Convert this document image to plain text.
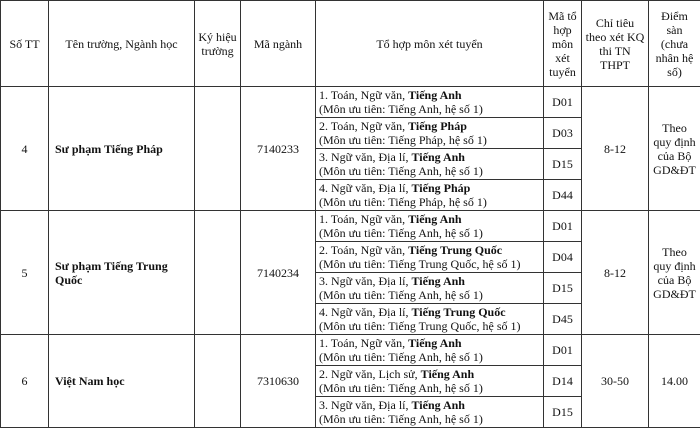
Số TT	Tên trường, Ngành học	Ký hiệu trường	Mã ngành	Tổ hợp môn xét tuyển	Mã tổ hợp môn xét tuyển	Chỉ tiêu theo xét KQ thi TN THPT	Điểm sàn (chưa nhân hệ số)
4	Sư phạm Tiếng Pháp		7140233	1. Toán, Ngữ văn, Tiếng Anh
(Môn ưu tiên: Tiếng Anh, hệ số 1)	D01	8-12	Theo quy định của Bộ GD&ĐT
				2. Toán, Ngữ văn, Tiếng Pháp
(Môn ưu tiên: Tiếng Pháp, hệ số 1)	D03		
				3. Ngữ văn, Địa lí, Tiếng Anh
(Môn ưu tiên: Tiếng Anh, hệ số 1)	D15		
				4. Ngữ văn, Địa lí, Tiếng Pháp
(Môn ưu tiên: Tiếng Pháp, hệ số 1)	D44		
5	Sư phạm Tiếng Trung Quốc		7140234	1. Toán, Ngữ văn, Tiếng Anh
(Môn ưu tiên: Tiếng Anh, hệ số 1)	D01	8-12	Theo quy định của Bộ GD&ĐT
				2. Toán, Ngữ văn, Tiếng Trung Quốc
(Môn ưu tiên: Tiếng Trung Quốc, hệ số 1)	D04		
				3. Ngữ văn, Địa lí, Tiếng Anh
(Môn ưu tiên: Tiếng Anh, hệ số 1)	D15		
				4. Ngữ văn, Địa lí, Tiếng Trung Quốc
(Môn ưu tiên: Tiếng Trung Quốc, hệ số 1)	D45		
6	Việt Nam học		7310630	1. Toán, Ngữ văn, Tiếng Anh
(Môn ưu tiên: Tiếng Anh, hệ số 1)	D01	30-50	14.00
				2. Ngữ văn, Lịch sử, Tiếng Anh
(Môn ưu tiên: Tiếng Anh, hệ số 1)	D14		
				3. Ngữ văn, Địa lí, Tiếng Anh
(Môn ưu tiên: Tiếng Anh, hệ số 1)	D15		
